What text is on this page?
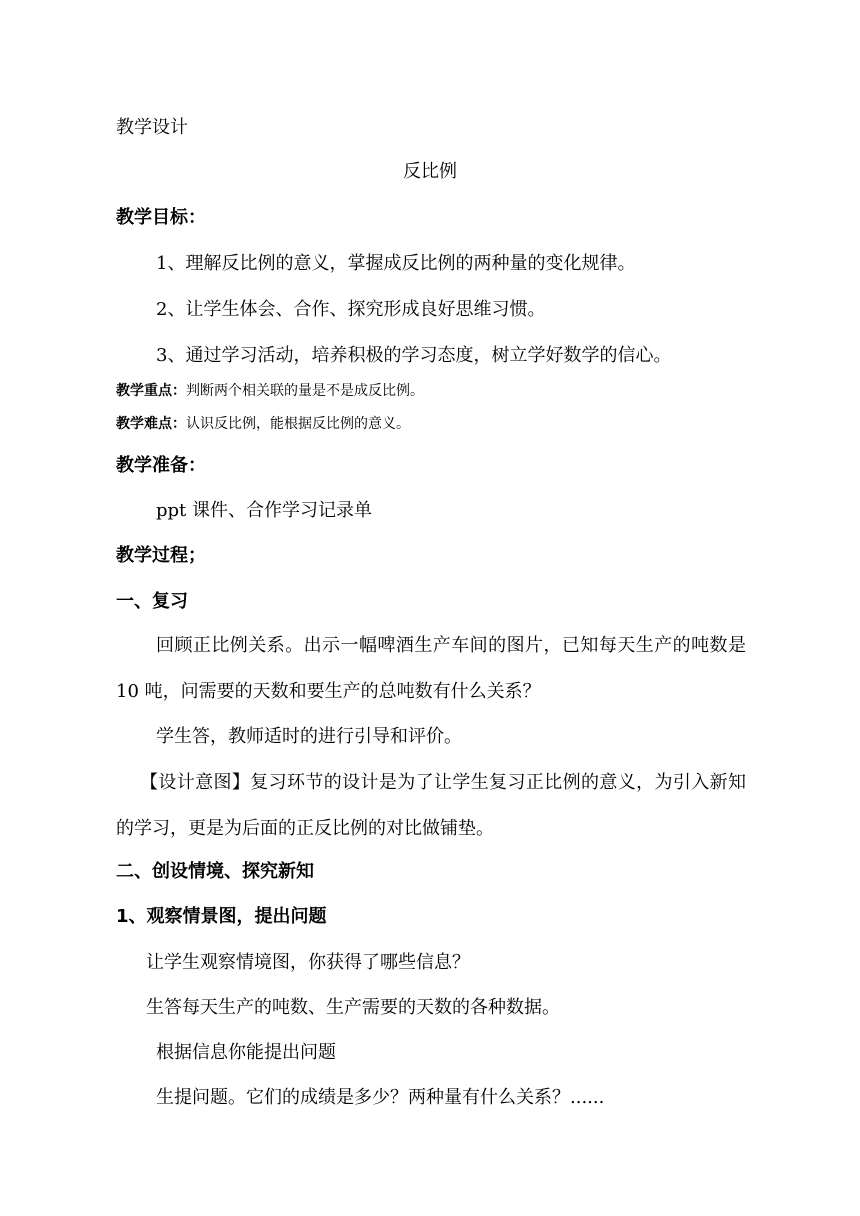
教学设计
反比例
教学目标：
1、理解反比例的意义，掌握成反比例的两种量的变化规律。
2、让学生体会、合作、探究形成良好思维习惯。
3、通过学习活动，培养积极的学习态度，树立学好数学的信心。
教学重点：判断两个相关联的量是不是成反比例。
教学难点：认识反比例，能根据反比例的意义。
教学准备：
ppt 课件、合作学习记录单
教学过程；
一、复习
回顾正比例关系。出示一幅啤酒生产车间的图片，已知每天生产的吨数是 10 吨，问需要的天数和要生产的总吨数有什么关系？
学生答，教师适时的进行引导和评价。
【设计意图】复习环节的设计是为了让学生复习正比例的意义，为引入新知的学习，更是为后面的正反比例的对比做铺垫。
二、创设情境、探究新知
1、观察情景图，提出问题
让学生观察情境图，你获得了哪些信息？
生答每天生产的吨数、生产需要的天数的各种数据。
根据信息你能提出问题
生提问题。它们的成绩是多少？两种量有什么关系？......
